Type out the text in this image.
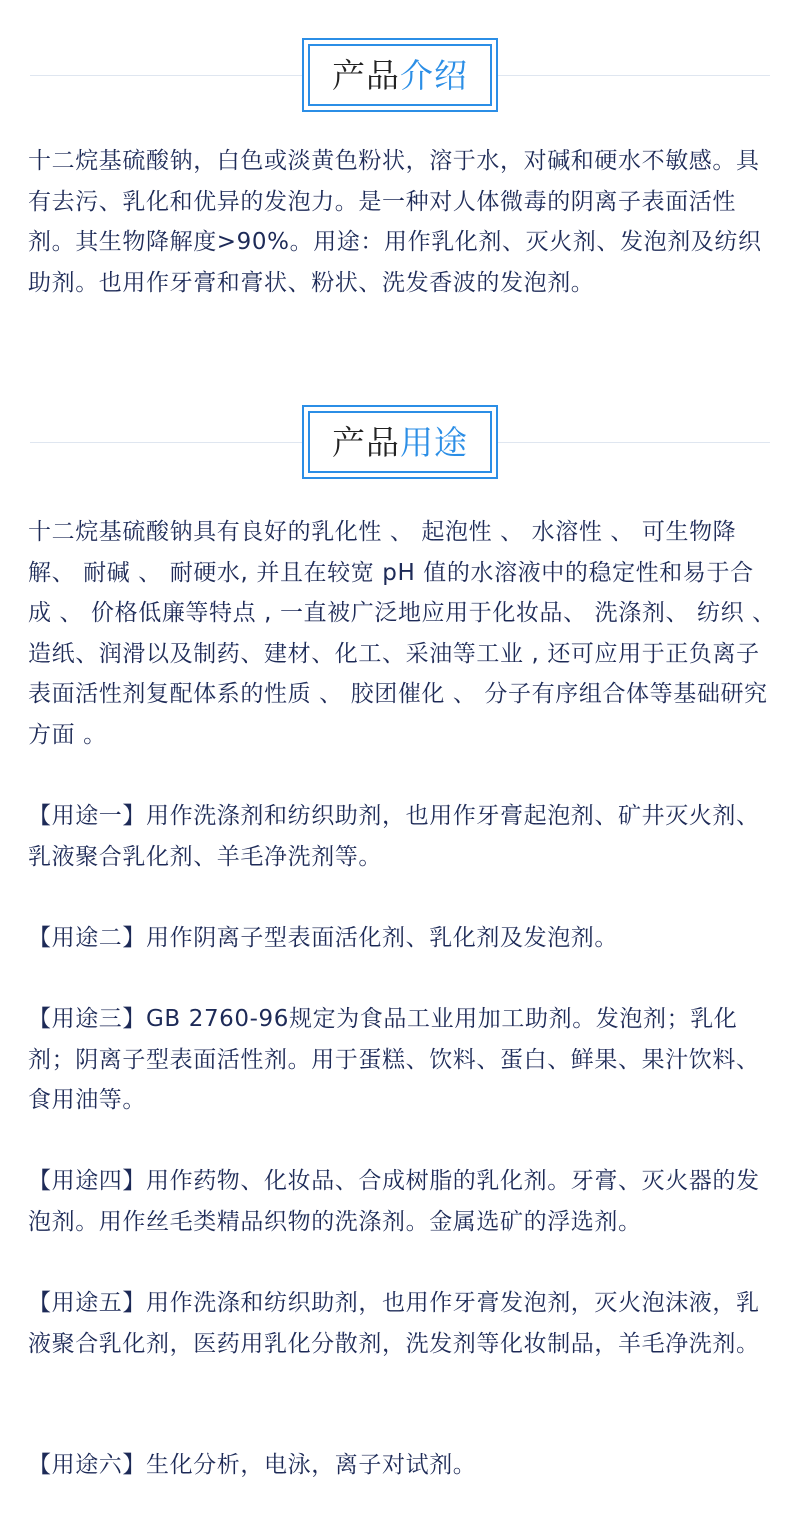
产品 介绍

十二烷基硫酸钠，白色或淡黄色粉状，溶于水，对碱和硬水不敏感。具有去污、乳化和优异的发泡力。是一种对人体微毒的阴离子表面活性剂。其生物降解度>90%。用途：用作乳化剂、灭火剂、发泡剂及纺织助剂。也用作牙膏和膏状、粉状、洗发香波的发泡剂。

产品 用途

十二烷基硫酸钠具有良好的乳化性 、 起泡性 、 水溶性 、 可生物降解、 耐碱 、 耐硬水, 并且在较宽 pH 值的水溶液中的稳定性和易于合成 、 价格低廉等特点 , 一直被广泛地应用于化妆品、 洗涤剂、 纺织 、 造纸、润滑以及制药、建材、化工、采油等工业 , 还可应用于正负离子表面活性剂复配体系的性质 、 胶团催化 、 分子有序组合体等基础研究方面 。

【用途一】用作洗涤剂和纺织助剂，也用作牙膏起泡剂、矿井灭火剂、乳液聚合乳化剂、羊毛净洗剂等。

【用途二】用作阴离子型表面活化剂、乳化剂及发泡剂。

【用途三】GB 2760-96规定为食品工业用加工助剂。发泡剂；乳化剂；阴离子型表面活性剂。用于蛋糕、饮料、蛋白、鲜果、果汁饮料、食用油等。

【用途四】用作药物、化妆品、合成树脂的乳化剂。牙膏、灭火器的发泡剂。用作丝毛类精品织物的洗涤剂。金属选矿的浮选剂。

【用途五】用作洗涤和纺织助剂，也用作牙膏发泡剂，灭火泡沫液，乳液聚合乳化剂，医药用乳化分散剂，洗发剂等化妆制品，羊毛净洗剂。

【用途六】生化分析，电泳，离子对试剂。
